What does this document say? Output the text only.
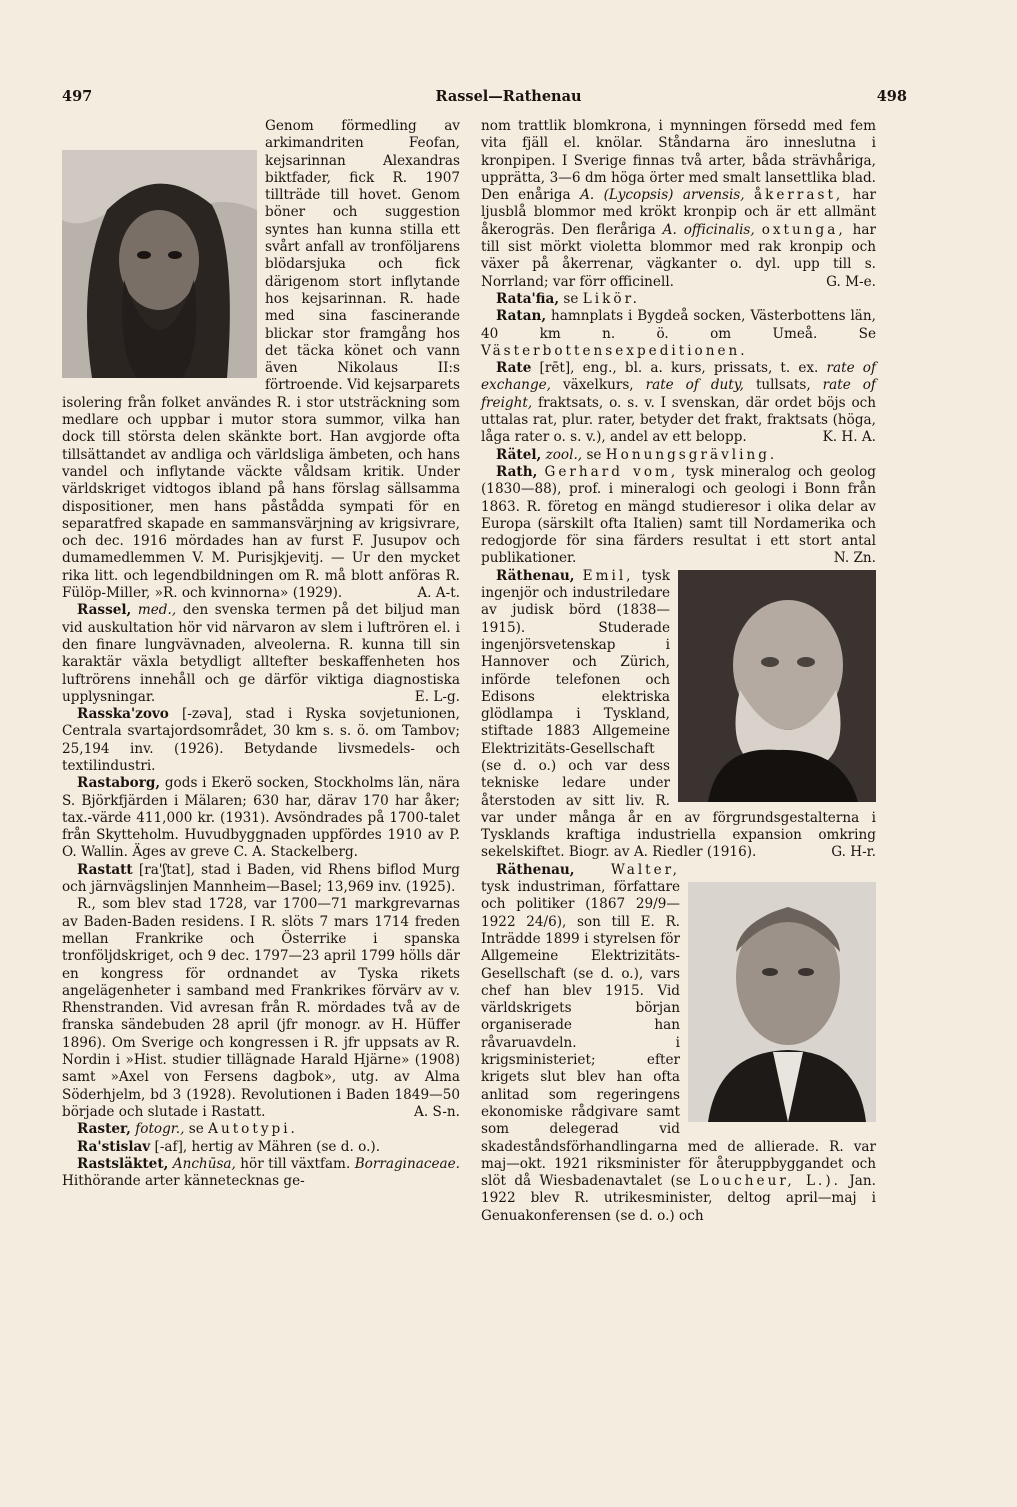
497	Rassel—Rathenau	498

Genom förmedling av arkimandriten Feofan, kejsarinnan Alexandras biktfader, fick R. 1907 tillträde till hovet. Genom böner och suggestion syntes han kunna stilla ett svårt anfall av tronföljarens blödarsjuka och fick därigenom stort inflytande hos kejsarinnan. R. hade med sina fascinerande blickar stor framgång hos det täcka könet och vann även Nikolaus II:s förtroende. Vid kejsarparets isolering från folket användes R. i stor utsträckning som medlare och uppbar i mutor stora summor, vilka han dock till största delen skänkte bort. Han avgjorde ofta tillsättandet av andliga och världsliga ämbeten, och hans vandel och inflytande väckte våldsam kritik. Under världskriget vidtogos ibland på hans förslag sällsamma dispositioner, men hans påstådda sympati för en separatfred skapade en sammansvärjning av krigsivrare, och dec. 1916 mördades han av furst F. Jusupov och dumamedlemmen V. M. Purisjkjevitj. — Ur den mycket rika litt. och legendbildningen om R. må blott anföras R. Fülöp-Miller, »R. och kvinnorna» (1929).	A. A-t.

Rassel, med., den svenska termen på det biljud man vid auskultation hör vid närvaron av slem i luftrören el. i den finare lungvävnaden, alveolerna. R. kunna till sin karaktär växla betydligt alltefter beskaffenheten hos luftrörens innehåll och ge därför viktiga diagnostiska upplysningar.	E. L-g.

Rasska'zovo [-zəva], stad i Ryska sovjetunionen, Centrala svartajordsområdet, 30 km s. s. ö. om Tambov; 25,194 inv. (1926). Betydande livsmedels- och textilindustri.

Rastaborg, gods i Ekerö socken, Stockholms län, nära S. Björkfjärden i Mälaren; 630 har, därav 170 har åker; tax.-värde 411,000 kr. (1931). Avsöndrades på 1700-talet från Skytteholm. Huvudbyggnaden uppfördes 1910 av P. O. Wallin. Äges av greve C. A. Stackelberg.

Rastatt [ra'ʃtat], stad i Baden, vid Rhens biflod Murg och järnvägslinjen Mannheim—Basel; 13,969 inv. (1925).

R., som blev stad 1728, var 1700—71 markgrevarnas av Baden-Baden residens. I R. slöts 7 mars 1714 freden mellan Frankrike och Österrike i spanska tronföljdskriget, och 9 dec. 1797—23 april 1799 hölls där en kongress för ordnandet av Tyska rikets angelägenheter i samband med Frankrikes förvärv av v. Rhenstranden. Vid avresan från R. mördades två av de franska sändebuden 28 april (jfr monogr. av H. Hüffer 1896). Om Sverige och kongressen i R. jfr uppsats av R. Nordin i »Hist. studier tillägnade Harald Hjärne» (1908) samt »Axel von Fersens dagbok», utg. av Alma Söderhjelm, bd 3 (1928). Revolutionen i Baden 1849—50 började och slutade i Rastatt.	A. S-n.

Raster, fotogr., se Autotypi.

Ra'stislav [-af], hertig av Mähren (se d. o.).

Rastsläktet, Anchūsa, hör till växtfam. Borraginaceae. Hithörande arter kännetecknas ge-

nom trattlik blomkrona, i mynningen försedd med fem vita fjäll el. knölar. Ståndarna äro inneslutna i kronpipen. I Sverige finnas två arter, båda strävhåriga, upprätta, 3—6 dm höga örter med smalt lansettlika blad. Den enåriga A. (Lycopsis) arvensis, åkerrast, har ljusblå blommor med krökt kronpip och är ett allmänt åkerogräs. Den fleråriga A. officinalis, oxtunga, har till sist mörkt violetta blommor med rak kronpip och växer på åkerrenar, vägkanter o. dyl. upp till s. Norrland; var förr officinell.	G. M-e.

Rata'fia, se Likör.

Ratan, hamnplats i Bygdeå socken, Västerbottens län, 40 km n. ö. om Umeå. Se Västerbottensexpeditionen.

Rate [rēt], eng., bl. a. kurs, prissats, t. ex. rate of exchange, växelkurs, rate of duty, tullsats, rate of freight, fraktsats, o. s. v. I svenskan, där ordet böjs och uttalas rat, plur. rater, betyder det frakt, fraktsats (höga, låga rater o. s. v.), andel av ett belopp.	K. H. A.

Rätel, zool., se Honungsgrävling.

Rath, Gerhard vom, tysk mineralog och geolog (1830—88), prof. i mineralogi och geologi i Bonn från 1863. R. företog en mängd studieresor i olika delar av Europa (särskilt ofta Italien) samt till Nordamerika och redogjorde för sina färders resultat i ett stort antal publikationer.	N. Zn.

Räthenau, Emil, tysk ingenjör och industriledare av judisk börd (1838—1915). Studerade ingenjörsvetenskap i Hannover och Zürich, införde telefonen och Edisons elektriska glödlampa i Tyskland, stiftade 1883 Allgemeine Elektrizitäts-Gesellschaft (se d. o.) och var dess tekniske ledare under återstoden av sitt liv. R. var under många år en av förgrundsgestalterna i Tysklands kraftiga industriella expansion omkring sekelskiftet. Biogr. av A. Riedler (1916).	G. H-r.

Räthenau,	Walter,
tysk industriman, författare och politiker (1867 29/9—1922 24/6), son till E. R. Inträdde 1899 i styrelsen för Allgemeine Elektrizitäts-Gesellschaft (se d. o.), vars chef han blev 1915. Vid världskrigets början organiserade han råvaruavdeln. i krigsministeriet; efter krigets slut blev han ofta anlitad som regeringens ekonomiske rådgivare samt som delegerad vid skadeståndsförhandlingarna med de allierade. R. var maj—okt. 1921 riksminister för återuppbyggandet och slöt då Wiesbadenavtalet (se Loucheur, L.). Jan. 1922 blev R. utrikesminister, deltog april—maj i Genuakonferensen (se d. o.) och
